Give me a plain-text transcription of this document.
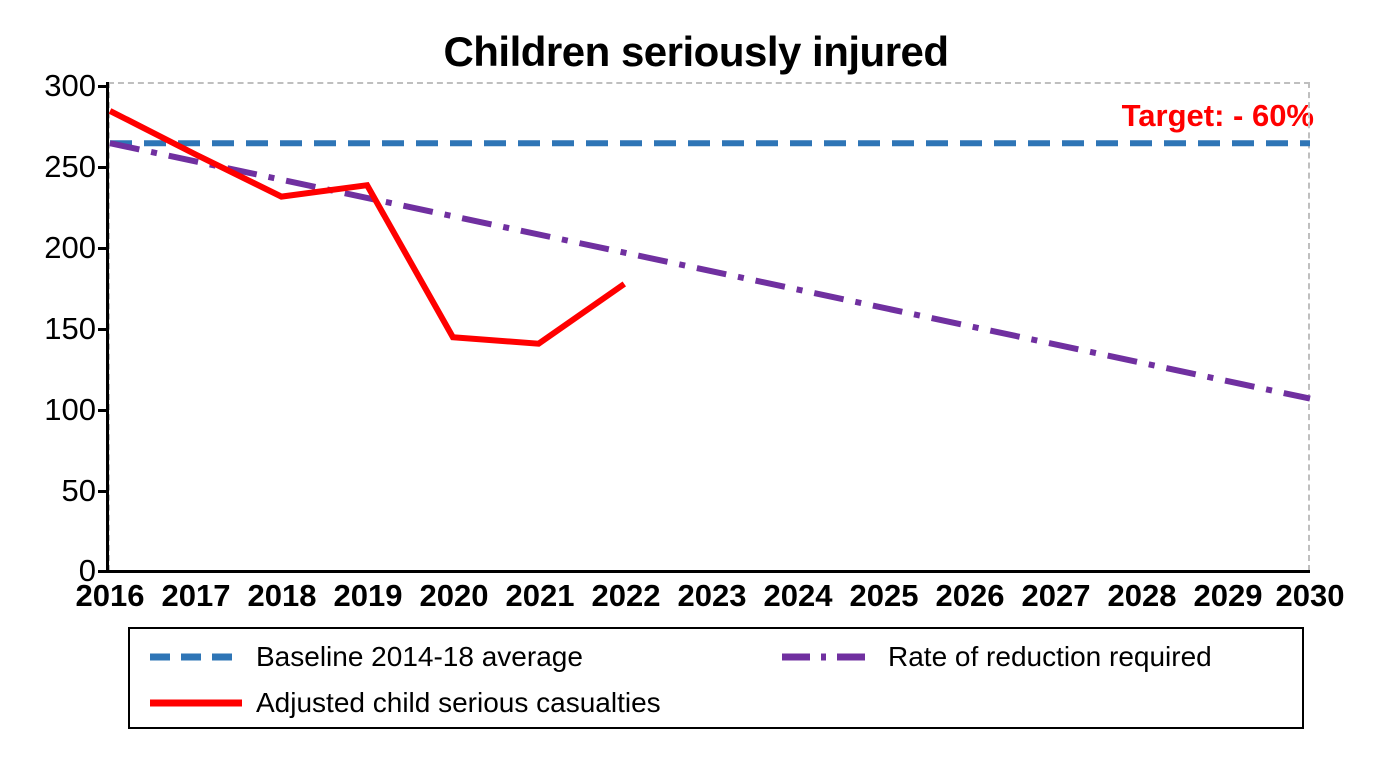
Children seriously injured
Target: - 60%
300
250
200
150
100
50
0
2016 2017 2018 2019 2020 2021 2022 2023 2024 2025 2026 2027 2028 2029 2030
Baseline 2014-18 average	Rate of reduction required
Adjusted child serious casualties
